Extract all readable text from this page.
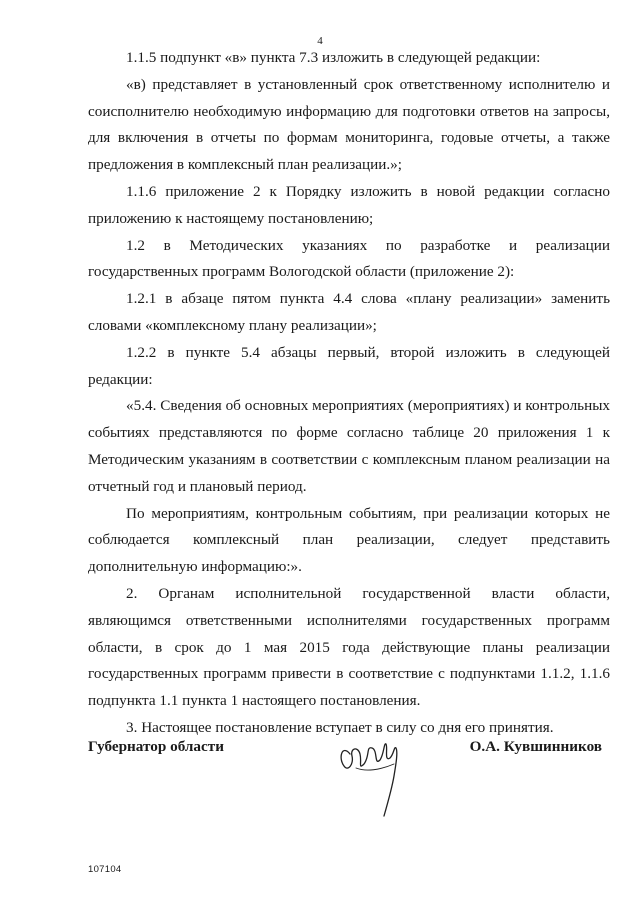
4

1.1.5 подпункт «в» пункта 7.3 изложить в следующей редакции:

«в) представляет в установленный срок ответственному исполнителю и соисполнителю необходимую информацию для подготовки ответов на запросы, для включения в отчеты по формам мониторинга, годовые отчеты, а также предложения в комплексный план реализации.»;

1.1.6 приложение 2 к Порядку изложить в новой редакции согласно приложению к настоящему постановлению;

1.2 в Методических указаниях по разработке и реализации государственных программ Вологодской области (приложение 2):

1.2.1 в абзаце пятом пункта 4.4 слова «плану реализации» заменить словами «комплексному плану реализации»;

1.2.2 в пункте 5.4 абзацы первый, второй изложить в следующей редакции:

«5.4. Сведения об основных мероприятиях (мероприятиях) и контрольных событиях представляются по форме согласно таблице 20 приложения 1 к Методическим указаниям в соответствии с комплексным планом реализации на отчетный год и плановый период.

По мероприятиям, контрольным событиям, при реализации которых не соблюдается комплексный план реализации, следует представить дополнительную информацию:».

2. Органам исполнительной государственной власти области, являющимся ответственными исполнителями государственных программ области, в срок до 1 мая 2015 года действующие планы реализации государственных программ привести в соответствие с подпунктами 1.1.2, 1.1.6 подпункта 1.1 пункта 1 настоящего постановления.

3. Настоящее постановление вступает в силу со дня его принятия.

Губернатор области	О.А. Кувшинников
107104
